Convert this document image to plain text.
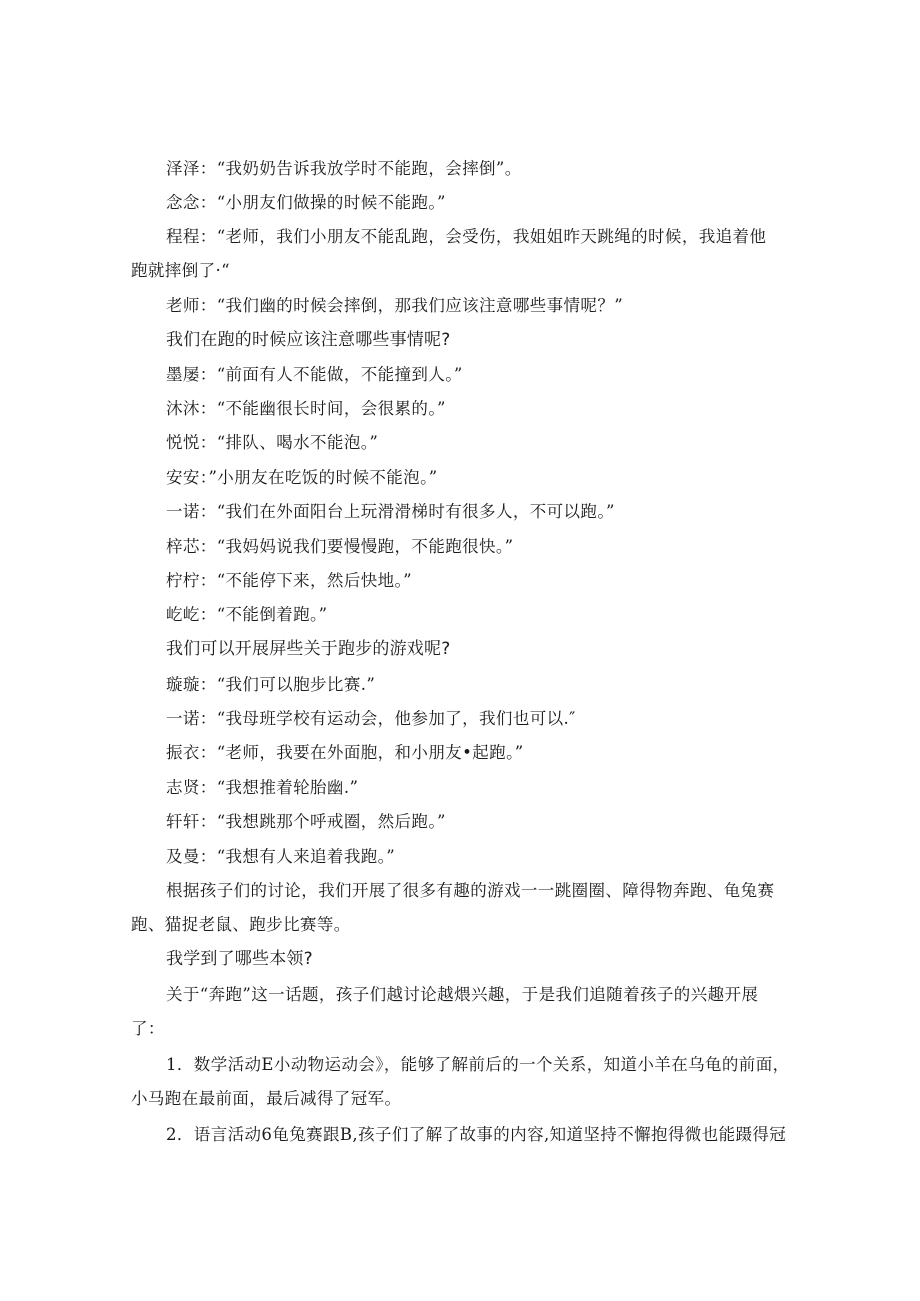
泽泽：“我奶奶告诉我放学时不能跑，会摔倒”。
念念：“小朋友们做操的时候不能跑。”
程程：“老师，我们小朋友不能乱跑，会受伤，我姐姐昨天跳绳的时候，我追着他
跑就摔倒了·“
老师：“我们幽的时候会摔倒，那我们应该注意哪些事情呢？”
我们在跑的时候应该注意哪些事情呢?
墨屡：“前面有人不能做，不能撞到人。”
沐沐：“不能幽很长时间，会很累的。”
悦悦：“排队、喝水不能泡。”
安安：”小朋友在吃饭的时候不能泡。”
一诺：“我们在外面阳台上玩滑滑梯时有很多人，不可以跑。”
梓芯：“我妈妈说我们要慢慢跑，不能跑很快。”
柠柠：“不能停下来，然后快地。”
屹屹：“不能倒着跑。”
我们可以开展屏些关于跑步的游戏呢?
璇璇：“我们可以胞步比赛.”
一诺：“我母班学校有运动会，他参加了，我们也可以.″
振衣：“老师，我要在外面胞，和小朋友•起跑。”
志贤：“我想推着轮胎幽.”
轩轩：“我想跳那个呼戒圈，然后跑。”
及曼：“我想有人来追着我跑。”
根据孩子们的讨论，我们开展了很多有趣的游戏一一跳圈圈、障得物奔跑、龟兔赛
跑、猫捉老鼠、跑步比赛等。
我学到了哪些本领?
关于“奔跑”这一话题，孩子们越讨论越煨兴趣，于是我们追随着孩子的兴趣开展
了：
1．数学活动E小动物运动会》，能够了解前后的一个关系，知道小羊在乌龟的前面，
小马跑在最前面，最后减得了冠军。
2．语言活动6龟兔赛跟B,孩子们了解了故事的内容,知道坚持不懈抱得微也能蹑得冠
